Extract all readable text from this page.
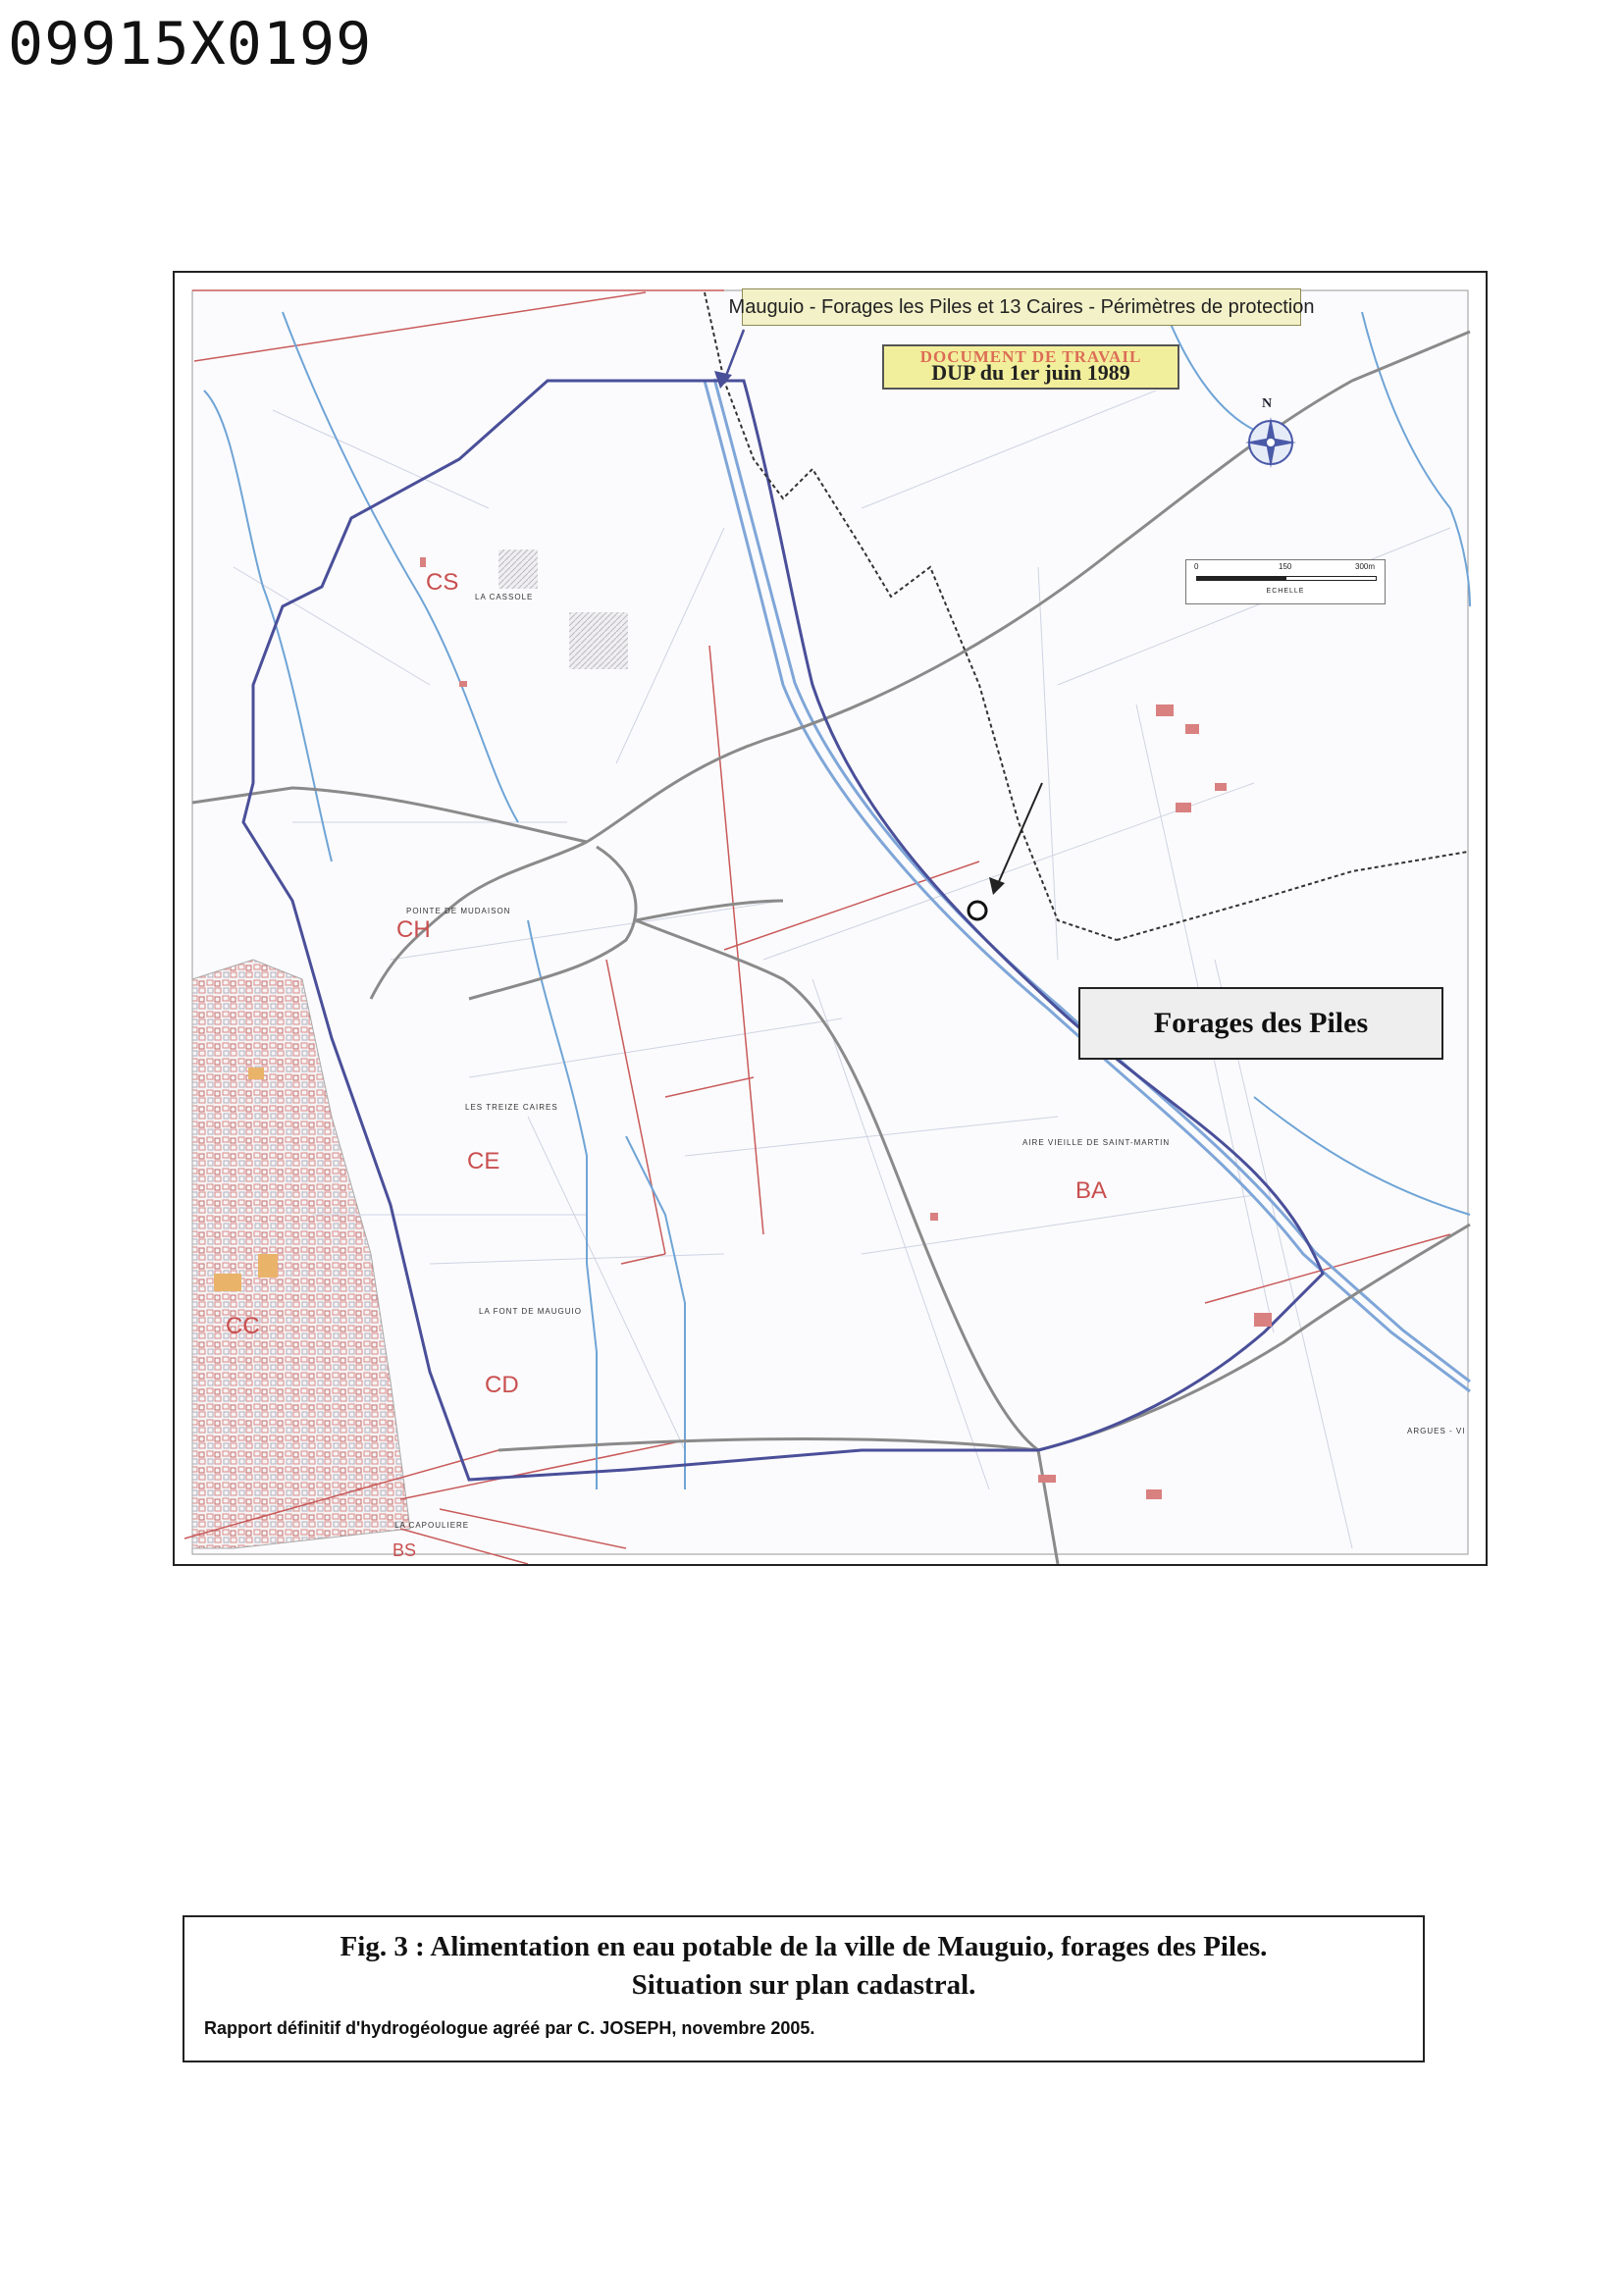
09915X0199
Mauguio - Forages les Piles et 13 Caires - Périmètres de protection
DOCUMENT DE TRAVAIL
DUP du 1er juin 1989
N
0	150	300m
ECHELLE
Forages des Piles
CS
CH
CE
CD
CC
BA
BS
LA CASSOLE
POINTE DE MUDAISON
LES TREIZE CAIRES
LA FONT DE MAUGUIO
LA CAPOULIERE
AIRE VIEILLE DE SAINT-MARTIN
ARGUES - VI
Fig. 3 : Alimentation en eau potable de la ville de Mauguio, forages des Piles.
Situation sur plan cadastral.
Rapport définitif d'hydrogéologue agréé par C. JOSEPH, novembre 2005.
